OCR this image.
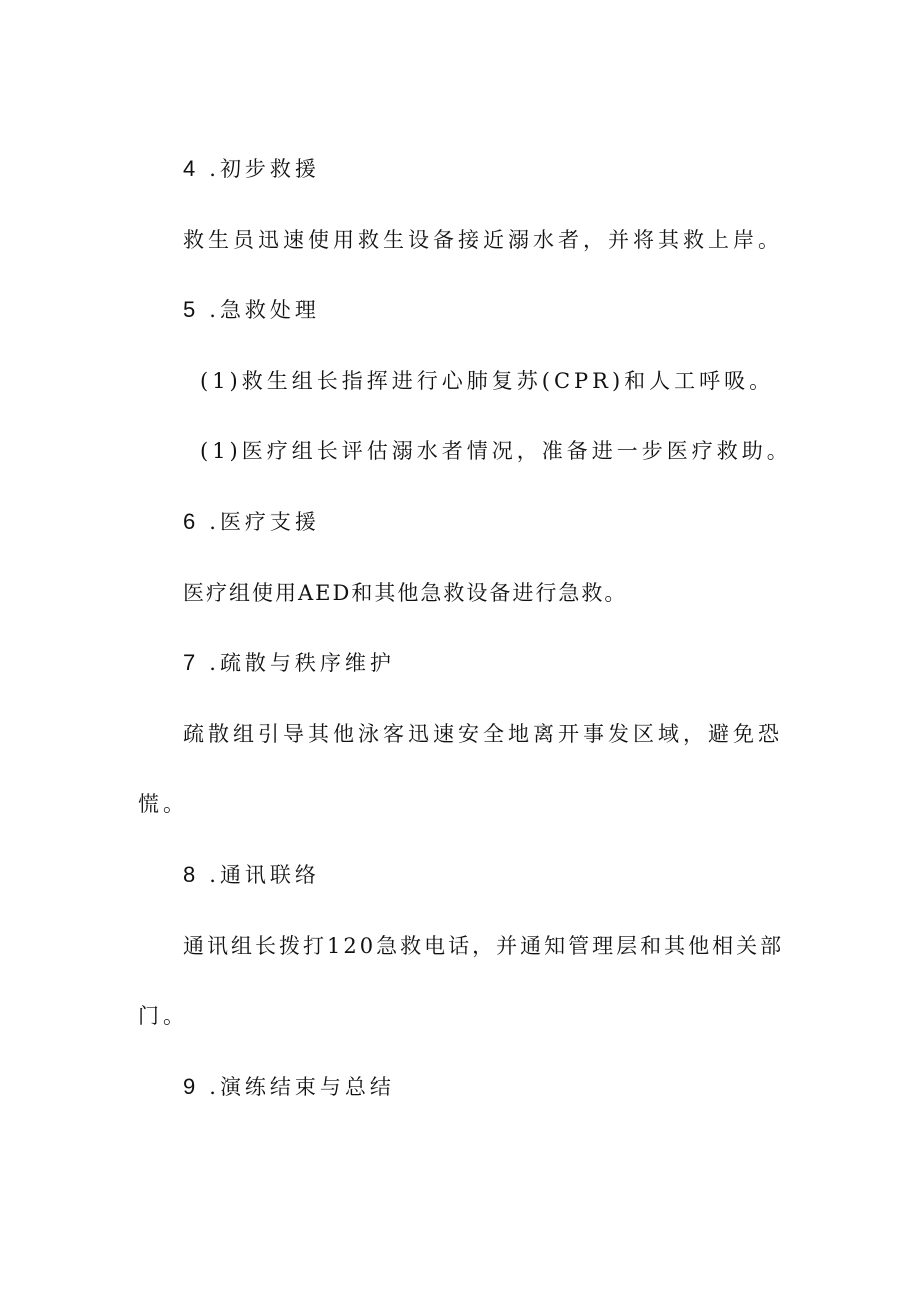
4 . 初步救援
救生员迅速使用救生设备接近溺水者，并将其救上岸。
5 . 急救处理
(1)救生组长指挥进行心肺复苏(CPR)和人工呼吸。
(1)医疗组长评估溺水者情况，准备进一步医疗救助。
6 . 医疗支援
医疗组使用AED和其他急救设备进行急救。
7 . 疏散与秩序维护
疏散组引导其他泳客迅速安全地离开事发区域，避免恐
慌。
8 . 通讯联络
通讯组长拨打120急救电话，并通知管理层和其他相关部
门。
9 . 演练结束与总结
